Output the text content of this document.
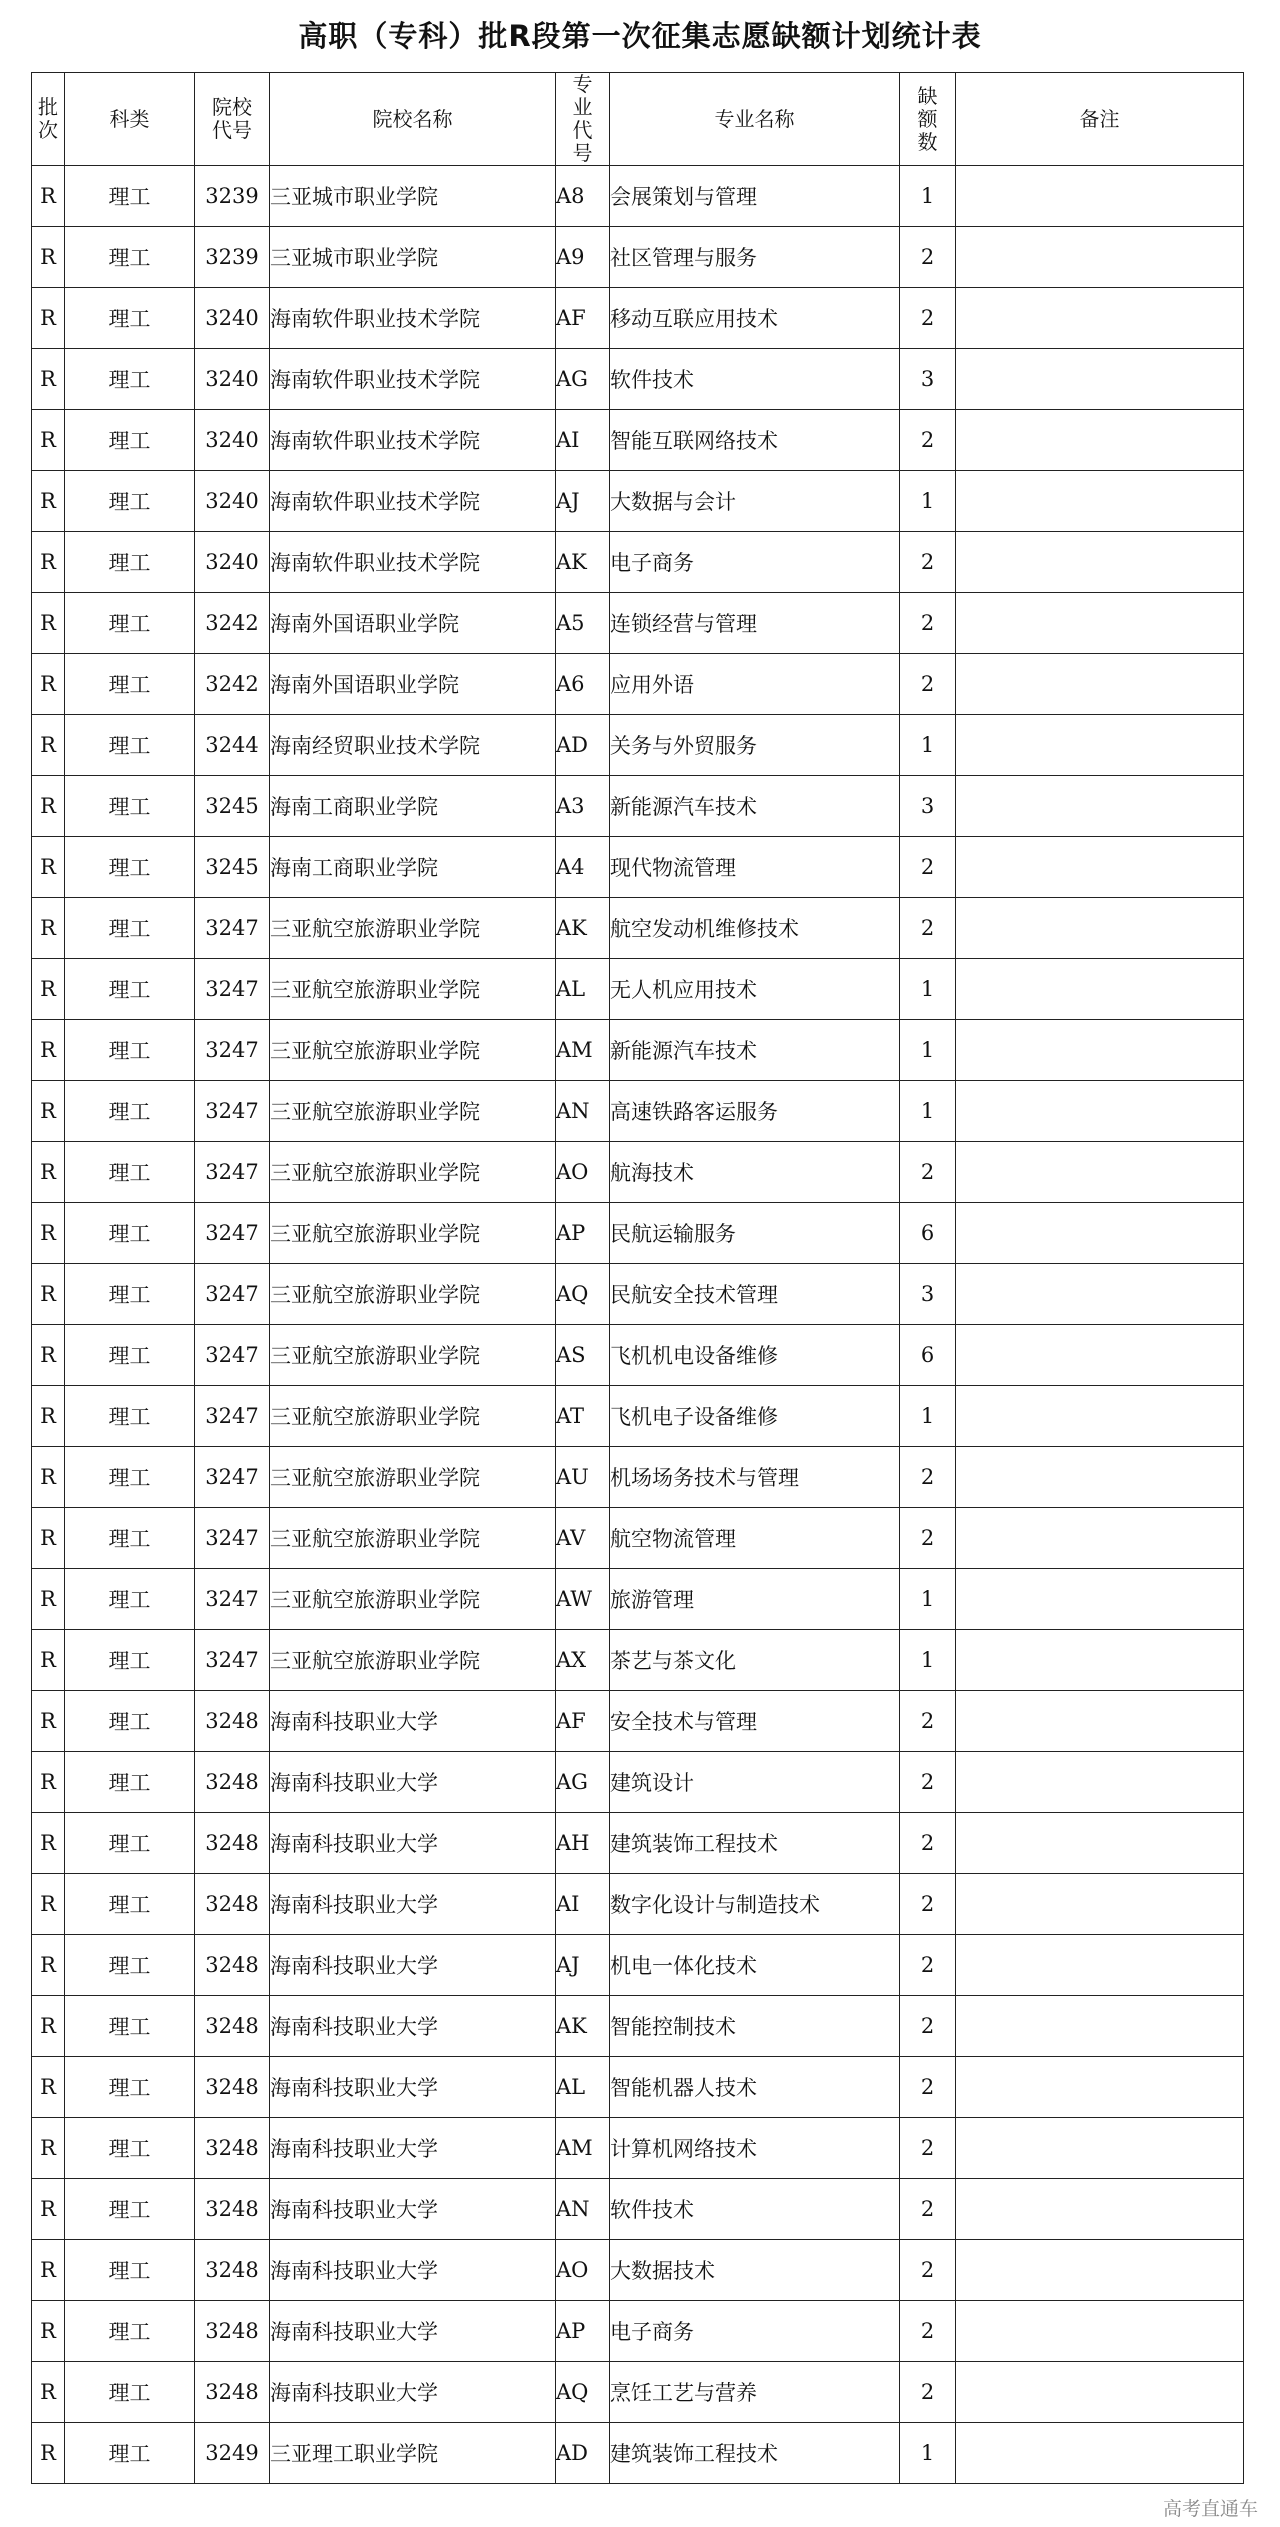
高职（专科）批R段第一次征集志愿缺额计划统计表
批次	科类	院校代号	院校名称	专业代号	专业名称	缺额数	备注
R	理工	3239	三亚城市职业学院	A8	会展策划与管理	1	
R	理工	3239	三亚城市职业学院	A9	社区管理与服务	2	
R	理工	3240	海南软件职业技术学院	AF	移动互联应用技术	2	
R	理工	3240	海南软件职业技术学院	AG	软件技术	3	
R	理工	3240	海南软件职业技术学院	AI	智能互联网络技术	2	
R	理工	3240	海南软件职业技术学院	AJ	大数据与会计	1	
R	理工	3240	海南软件职业技术学院	AK	电子商务	2	
R	理工	3242	海南外国语职业学院	A5	连锁经营与管理	2	
R	理工	3242	海南外国语职业学院	A6	应用外语	2	
R	理工	3244	海南经贸职业技术学院	AD	关务与外贸服务	1	
R	理工	3245	海南工商职业学院	A3	新能源汽车技术	3	
R	理工	3245	海南工商职业学院	A4	现代物流管理	2	
R	理工	3247	三亚航空旅游职业学院	AK	航空发动机维修技术	2	
R	理工	3247	三亚航空旅游职业学院	AL	无人机应用技术	1	
R	理工	3247	三亚航空旅游职业学院	AM	新能源汽车技术	1	
R	理工	3247	三亚航空旅游职业学院	AN	高速铁路客运服务	1	
R	理工	3247	三亚航空旅游职业学院	AO	航海技术	2	
R	理工	3247	三亚航空旅游职业学院	AP	民航运输服务	6	
R	理工	3247	三亚航空旅游职业学院	AQ	民航安全技术管理	3	
R	理工	3247	三亚航空旅游职业学院	AS	飞机机电设备维修	6	
R	理工	3247	三亚航空旅游职业学院	AT	飞机电子设备维修	1	
R	理工	3247	三亚航空旅游职业学院	AU	机场场务技术与管理	2	
R	理工	3247	三亚航空旅游职业学院	AV	航空物流管理	2	
R	理工	3247	三亚航空旅游职业学院	AW	旅游管理	1	
R	理工	3247	三亚航空旅游职业学院	AX	茶艺与茶文化	1	
R	理工	3248	海南科技职业大学	AF	安全技术与管理	2	
R	理工	3248	海南科技职业大学	AG	建筑设计	2	
R	理工	3248	海南科技职业大学	AH	建筑装饰工程技术	2	
R	理工	3248	海南科技职业大学	AI	数字化设计与制造技术	2	
R	理工	3248	海南科技职业大学	AJ	机电一体化技术	2	
R	理工	3248	海南科技职业大学	AK	智能控制技术	2	
R	理工	3248	海南科技职业大学	AL	智能机器人技术	2	
R	理工	3248	海南科技职业大学	AM	计算机网络技术	2	
R	理工	3248	海南科技职业大学	AN	软件技术	2	
R	理工	3248	海南科技职业大学	AO	大数据技术	2	
R	理工	3248	海南科技职业大学	AP	电子商务	2	
R	理工	3248	海南科技职业大学	AQ	烹饪工艺与营养	2	
R	理工	3249	三亚理工职业学院	AD	建筑装饰工程技术	1	
高考直通车
